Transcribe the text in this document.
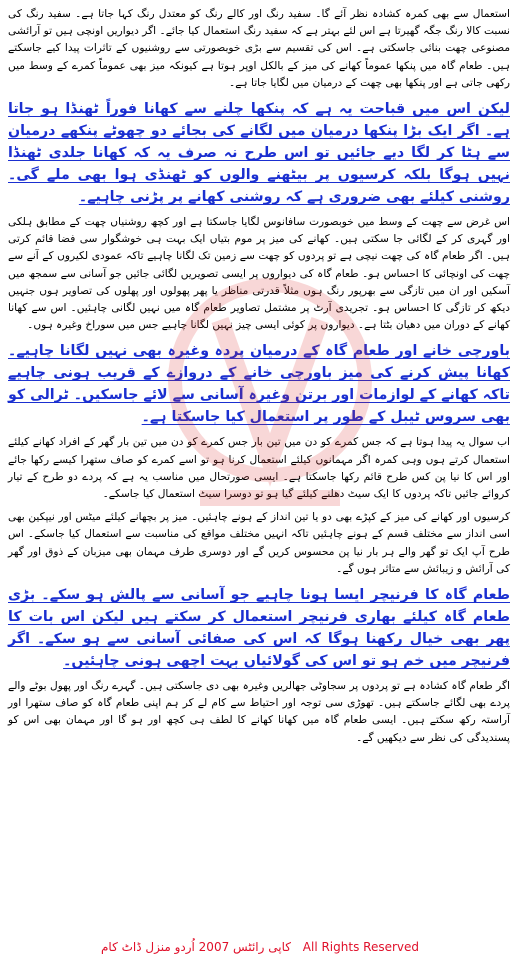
استعمال سے بھی کمرہ کشادہ نظر آئے گا۔ سفید رنگ اور کالے رنگ کو معتدل رنگ کہا جاتا ہے۔ سفید رنگ کی نسبت کالا رنگ جگہ گھیرتا ہے اس لئے بہتر ہے کہ سفید رنگ استعمال کیا جائے۔ اگر دیواریں اونچی ہیں تو آرائشی مصنوعی چھت بنائی جاسکتی ہے۔ اس کی تقسیم سے بڑی خوبصورتی سے روشنیوں کے تاثرات پیدا کیے جاسکتے ہیں۔ طعام گاہ میں پنکھا عموماً کھانے کی میز کے بالکل اوپر ہوتا ہے کیونکہ میز بھی عموماً کمرے کے وسط میں رکھی جاتی ہے اور پنکھا بھی چھت کے درمیان میں لگایا جاتا ہے۔

لیکن اس میں قباحت یہ ہے کہ پنکھا چلنے سے کھانا فوراً ٹھنڈا ہو جاتا ہے۔ اگر ایک بڑا پنکھا درمیان میں لگانے کی بجائے دو چھوٹے پنکھے درمیان سے ہٹا کر لگا دیے جائیں تو اس طرح نہ صرف یہ کہ کھانا جلدی ٹھنڈا نہیں ہوگا بلکہ کرسیوں پر بیٹھنے والوں کو ٹھنڈی ہوا بھی ملے گی۔ روشنی کیلئے بھی ضروری ہے کہ روشنی کھانے پر پڑنی چاہیے۔

اس غرض سے چھت کے وسط میں خوبصورت سافانوس لگایا جاسکتا ہے اور کچھ روشنیاں چھت کے مطابق ہلکی اور گہری کر کے لگائی جا سکتی ہیں۔ کھانے کی میز پر موم بتیاں ایک بہت ہی خوشگوار سی فضا قائم کرتی ہیں۔ اگر طعام گاہ کی چھت نیچی ہے تو پردوں کو چھت سے زمین تک لگانا چاہیے تاکہ عمودی لکیروں کے آنے سے چھت کی اونچائی کا احساس ہو۔ طعام گاہ کی دیواروں پر ایسی تصویریں لگائی جائیں جو آسانی سے سمجھ میں آسکیں اور ان میں تازگی سے بھرپور رنگ ہوں مثلاً قدرتی مناظر یا پھر پھولوں اور پھلوں کی تصاویر ہوں جنہیں دیکھ کر تازگی کا احساس ہو۔ تجریدی آرٹ پر مشتمل تصاویر طعام گاہ میں نہیں لگانی چاہئیں۔ اس سے کھانا کھانے کے دوران میں دھیان بٹتا ہے۔ دیواروں پر کوئی ایسی چیز نہیں لگانا چاہیے جس میں سوراخ وغیرہ ہوں۔

باورچی خانے اور طعام گاہ کے درمیان پردہ وغیرہ بھی نہیں لگانا چاہیے۔ کھانا پیش کرنے کی میز باورچی خانے کے دروازے کے قریب ہونی چاہیے تاکہ کھانے کے لوازمات اور برتن وغیرہ آسانی سے لائے جاسکیں۔ ٹرالی کو بھی سروس ٹیبل کے طور پر استعمال کیا جاسکتا ہے۔

اب سوال یہ پیدا ہوتا ہے کہ جس کمرے کو دن میں تین بار جس کمرے کو دن میں تین بار گھر کے افراد کھانے کیلئے استعمال کرتے ہوں وہی کمرہ اگر مہمانوں کیلئے استعمال کرنا ہو تو اسے کمرے کو صاف ستھرا کیسے رکھا جائے اور اس کا نیا پن کس طرح قائم رکھا جاسکتا ہے۔ ایسی صورتحال میں مناسب یہ ہے کہ پردے دو طرح کے تیار کروائے جائیں تاکہ پردوں کا ایک سیٹ دھلنے کیلئے گیا ہو تو دوسرا سیٹ استعمال کیا جاسکے۔

کرسیوں اور کھانے کی میز کے کپڑے بھی دو یا تین انداز کے ہونے چاہئیں۔ میز پر بچھانے کیلئے میٹس اور نیپکین بھی اسی انداز سے مختلف قسم کے ہونے چاہئیں تاکہ انہیں مختلف مواقع کی مناسبت سے استعمال کیا جاسکے۔ اس طرح آپ ایک تو گھر والے ہر بار نیا پن محسوس کریں گے اور دوسری طرف مہمان بھی میزبان کے ذوق اور گھر کی آرائش و زیبائش سے متاثر ہوں گے۔

طعام گاہ کا فرنیچر ایسا ہونا چاہیے جو آسانی سے پالش ہو سکے۔ بڑی طعام گاہ کیلئے بھاری فرنیچر استعمال کر سکتے ہیں لیکن اس بات کا پھر بھی خیال رکھنا ہوگا کہ اس کی صفائی آسانی سے ہو سکے۔ اگر فرنیچر میں خم ہو تو اس کی گولائیاں بہت اچھی ہونی چاہئیں۔

اگر طعام گاہ کشادہ ہے تو پردوں پر سجاوٹی جھالریں وغیرہ بھی دی جاسکتی ہیں۔ گہرے رنگ اور پھول بوٹے والے پردے بھی لگائے جاسکتے ہیں۔ تھوڑی سی توجہ اور احتیاط سے کام لے کر ہم اپنی طعام گاہ کو صاف ستھرا اور آراستہ رکھ سکتے ہیں۔ ایسی طعام گاہ میں کھانا کھانے کا لطف ہی کچھ اور ہو گا اور مہمان بھی اس کو پسندیدگی کی نظر سے دیکھیں گے۔

کاپی رائٹس 2007 اُردو منزل ڈاٹ کام All Rights Reserved
